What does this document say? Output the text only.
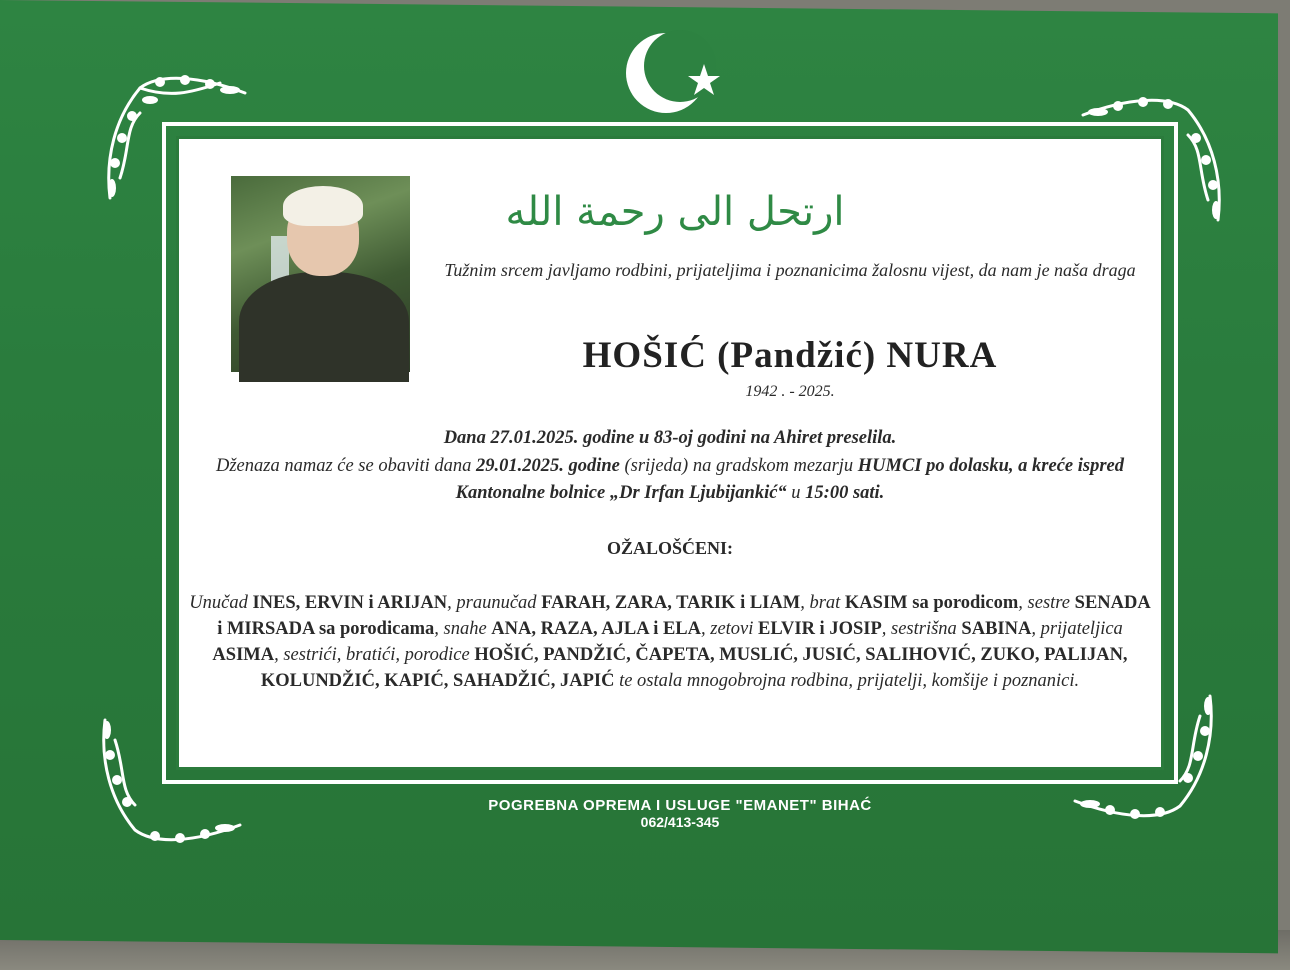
ارتحل الى رحمة الله
Tužnim srcem javljamo rodbini, prijateljima i poznanicima žalosnu vijest, da nam je naša draga
HOŠIĆ (Pandžić) NURA
1942 . - 2025.
Dana 27.01.2025. godine u 83-oj godini na Ahiret preselila.
Dženaza namaz će se obaviti dana 29.01.2025. godine (srijeda) na gradskom mezarju HUMCI po dolasku, a kreće ispred Kantonalne bolnice „Dr Irfan Ljubijankić“ u 15:00 sati.
OŽALOŠĆENI:
Unučad INES, ERVIN i ARIJAN, praunučad FARAH, ZARA, TARIK i LIAM, brat KASIM sa porodicom, sestre SENADA i MIRSADA sa porodicama, snahe ANA, RAZA, AJLA i ELA, zetovi ELVIR i JOSIP, sestrišna SABINA, prijateljica ASIMA, sestrići, bratići, porodice HOŠIĆ, PANDŽIĆ, ČAPETA, MUSLIĆ, JUSIĆ, SALIHOVIĆ, ZUKO, PALIJAN, KOLUNDŽIĆ, KAPIĆ, SAHADŽIĆ, JAPIĆ te ostala mnogobrojna rodbina, prijatelji, komšije i poznanici.
POGREBNA OPREMA I USLUGE "EMANET" BIHAĆ
062/413-345
